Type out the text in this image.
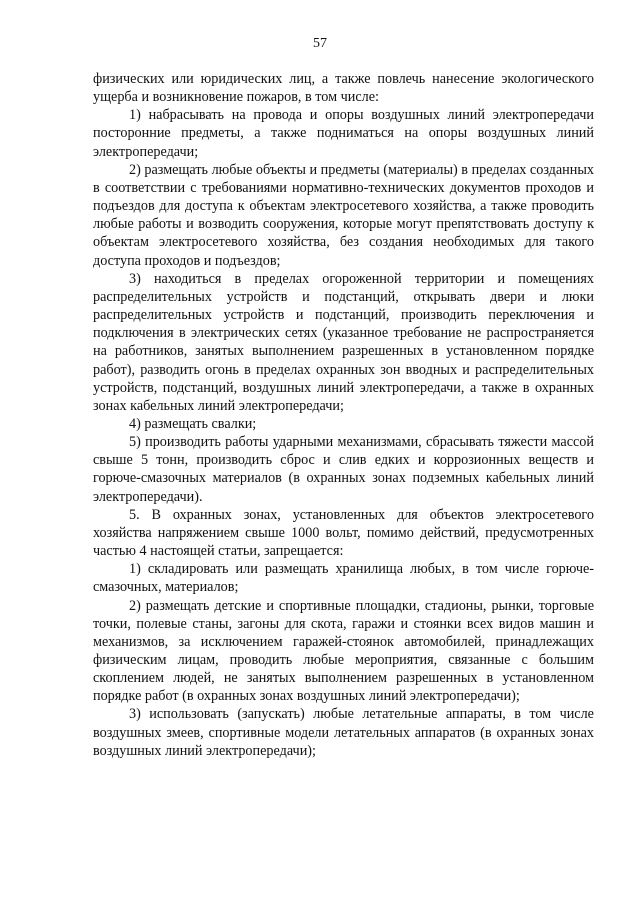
57

физических или юридических лиц, а также повлечь нанесение экологического ущерба и возникновение пожаров, в том числе:

1) набрасывать на провода и опоры воздушных линий электропередачи посторонние предметы, а также подниматься на опоры воздушных линий электропередачи;

2) размещать любые объекты и предметы (материалы) в пределах созданных в соответствии с требованиями нормативно-технических документов проходов и подъездов для доступа к объектам электросетевого хозяйства, а также проводить любые работы и возводить сооружения, которые могут препятствовать доступу к объектам электросетевого хозяйства, без создания необходимых для такого доступа проходов и подъездов;

3) находиться в пределах огороженной территории и помещениях распределительных устройств и подстанций, открывать двери и люки распределительных устройств и подстанций, производить переключения и подключения в электрических сетях (указанное требование не распространяется на работников, занятых выполнением разрешенных в установленном порядке работ), разводить огонь в пределах охранных зон вводных и распределительных устройств, подстанций, воздушных линий электропередачи, а также в охранных зонах кабельных линий электропередачи;

4) размещать свалки;

5) производить работы ударными механизмами, сбрасывать тяжести массой свыше 5 тонн, производить сброс и слив едких и коррозионных веществ и горюче-смазочных материалов (в охранных зонах подземных кабельных линий электропередачи).

5. В охранных зонах, установленных для объектов электросетевого хозяйства напряжением свыше 1000 вольт, помимо действий, предусмотренных частью 4 настоящей статьи, запрещается:

1) складировать или размещать хранилища любых, в том числе горюче-смазочных, материалов;

2) размещать детские и спортивные площадки, стадионы, рынки, торговые точки, полевые станы, загоны для скота, гаражи и стоянки всех видов машин и механизмов, за исключением гаражей-стоянок автомобилей, принадлежащих физическим лицам, проводить любые мероприятия, связанные с большим скоплением людей, не занятых выполнением разрешенных в установленном порядке работ (в охранных зонах воздушных линий электропередачи);

3) использовать (запускать) любые летательные аппараты, в том числе воздушных змеев, спортивные модели летательных аппаратов (в охранных зонах воздушных линий электропередачи);
